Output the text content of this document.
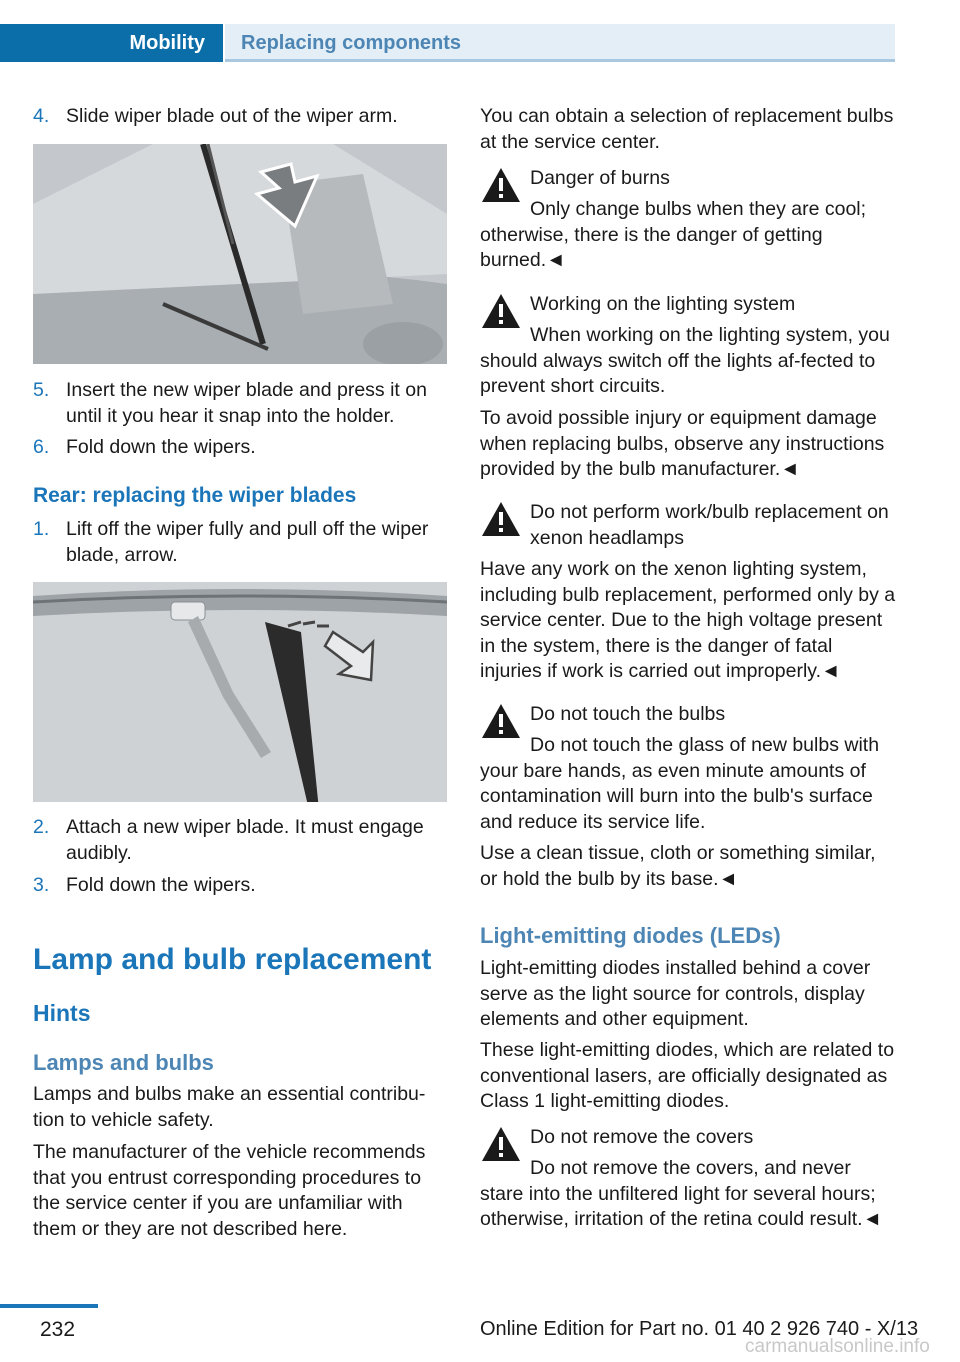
Mobility	Replacing components
4. Slide wiper blade out of the wiper arm.
5. Insert the new wiper blade and press it on until it you hear it snap into the holder.
6. Fold down the wipers.
Rear: replacing the wiper blades
1. Lift off the wiper fully and pull off the wiper blade, arrow.
2. Attach a new wiper blade. It must engage audibly.
3. Fold down the wipers.
Lamp and bulb replacement
Hints
Lamps and bulbs
Lamps and bulbs make an essential contribu-tion to vehicle safety.
The manufacturer of the vehicle recommends that you entrust corresponding procedures to the service center if you are unfamiliar with them or they are not described here.
You can obtain a selection of replacement bulbs at the service center.
Danger of burns
Only change bulbs when they are cool; otherwise, there is the danger of getting burned.◄
Working on the lighting system
When working on the lighting system, you should always switch off the lights af-fected to prevent short circuits.
To avoid possible injury or equipment damage when replacing bulbs, observe any instructions provided by the bulb manufacturer.◄
Do not perform work/bulb replacement on xenon headlamps
Have any work on the xenon lighting system, including bulb replacement, performed only by a service center. Due to the high voltage present in the system, there is the danger of fatal injuries if work is carried out improperly.◄
Do not touch the bulbs
Do not touch the glass of new bulbs with your bare hands, as even minute amounts of contamination will burn into the bulb's surface and reduce its service life.
Use a clean tissue, cloth or something similar, or hold the bulb by its base.◄
Light-emitting diodes (LEDs)
Light-emitting diodes installed behind a cover serve as the light source for controls, display elements and other equipment.
These light-emitting diodes, which are related to conventional lasers, are officially designated as Class 1 light-emitting diodes.
Do not remove the covers
Do not remove the covers, and never stare into the unfiltered light for several hours; otherwise, irritation of the retina could result.◄
232	Online Edition for Part no. 01 40 2 926 740 - X/13
carmanualsonline.info
